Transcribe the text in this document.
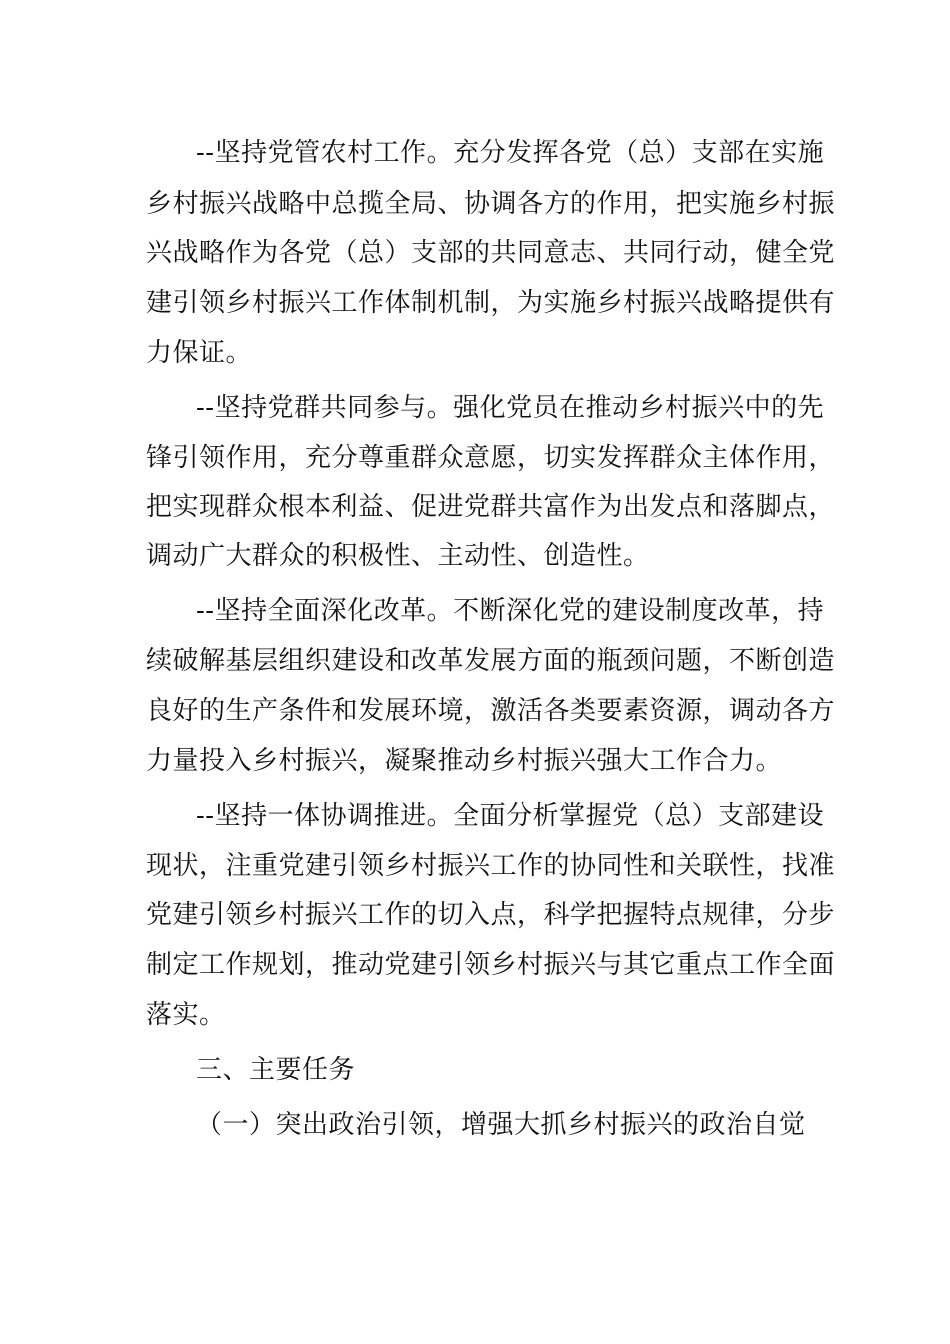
--坚持党管农村工作。充分发挥各党（总）支部在实施
乡村振兴战略中总揽全局、协调各方的作用，把实施乡村振
兴战略作为各党（总）支部的共同意志、共同行动，健全党
建引领乡村振兴工作体制机制，为实施乡村振兴战略提供有
力保证。
--坚持党群共同参与。强化党员在推动乡村振兴中的先
锋引领作用，充分尊重群众意愿，切实发挥群众主体作用，
把实现群众根本利益、促进党群共富作为出发点和落脚点，
调动广大群众的积极性、主动性、创造性。
--坚持全面深化改革。不断深化党的建设制度改革，持
续破解基层组织建设和改革发展方面的瓶颈问题，不断创造
良好的生产条件和发展环境，激活各类要素资源，调动各方
力量投入乡村振兴，凝聚推动乡村振兴强大工作合力。
--坚持一体协调推进。全面分析掌握党（总）支部建设
现状，注重党建引领乡村振兴工作的协同性和关联性，找准
党建引领乡村振兴工作的切入点，科学把握特点规律，分步
制定工作规划，推动党建引领乡村振兴与其它重点工作全面
落实。
三、主要任务
（一）突出政治引领，增强大抓乡村振兴的政治自觉
